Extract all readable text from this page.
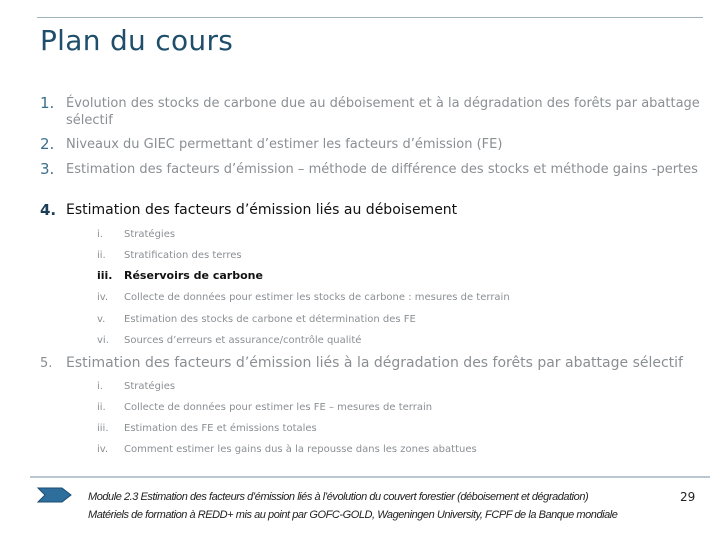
Plan du cours
1. Évolution des stocks de carbone due au déboisement et à la dégradation des forêts par abattage sélectif
2. Niveaux du GIEC permettant d’estimer les facteurs d’émission (FE)
3. Estimation des facteurs d’émission – méthode de différence des stocks et méthode gains -pertes
4. Estimation des facteurs d’émission liés au déboisement
i. Stratégies
ii. Stratification des terres
iii. Réservoirs de carbone
iv. Collecte de données pour estimer les stocks de carbone : mesures de terrain
v. Estimation des stocks de carbone et détermination des FE
vi. Sources d’erreurs et assurance/contrôle qualité
5. Estimation des facteurs d’émission liés à la dégradation des forêts par abattage sélectif
i. Stratégies
ii. Collecte de données pour estimer les FE – mesures de terrain
iii. Estimation des FE et émissions totales
iv. Comment estimer les gains dus à la repousse dans les zones abattues
Module 2.3 Estimation des facteurs d’émission liés à l’évolution du couvert forestier (déboisement et dégradation)
Matériels de formation à REDD+ mis au point par GOFC-GOLD, Wageningen University, FCPF de la Banque mondiale
29
